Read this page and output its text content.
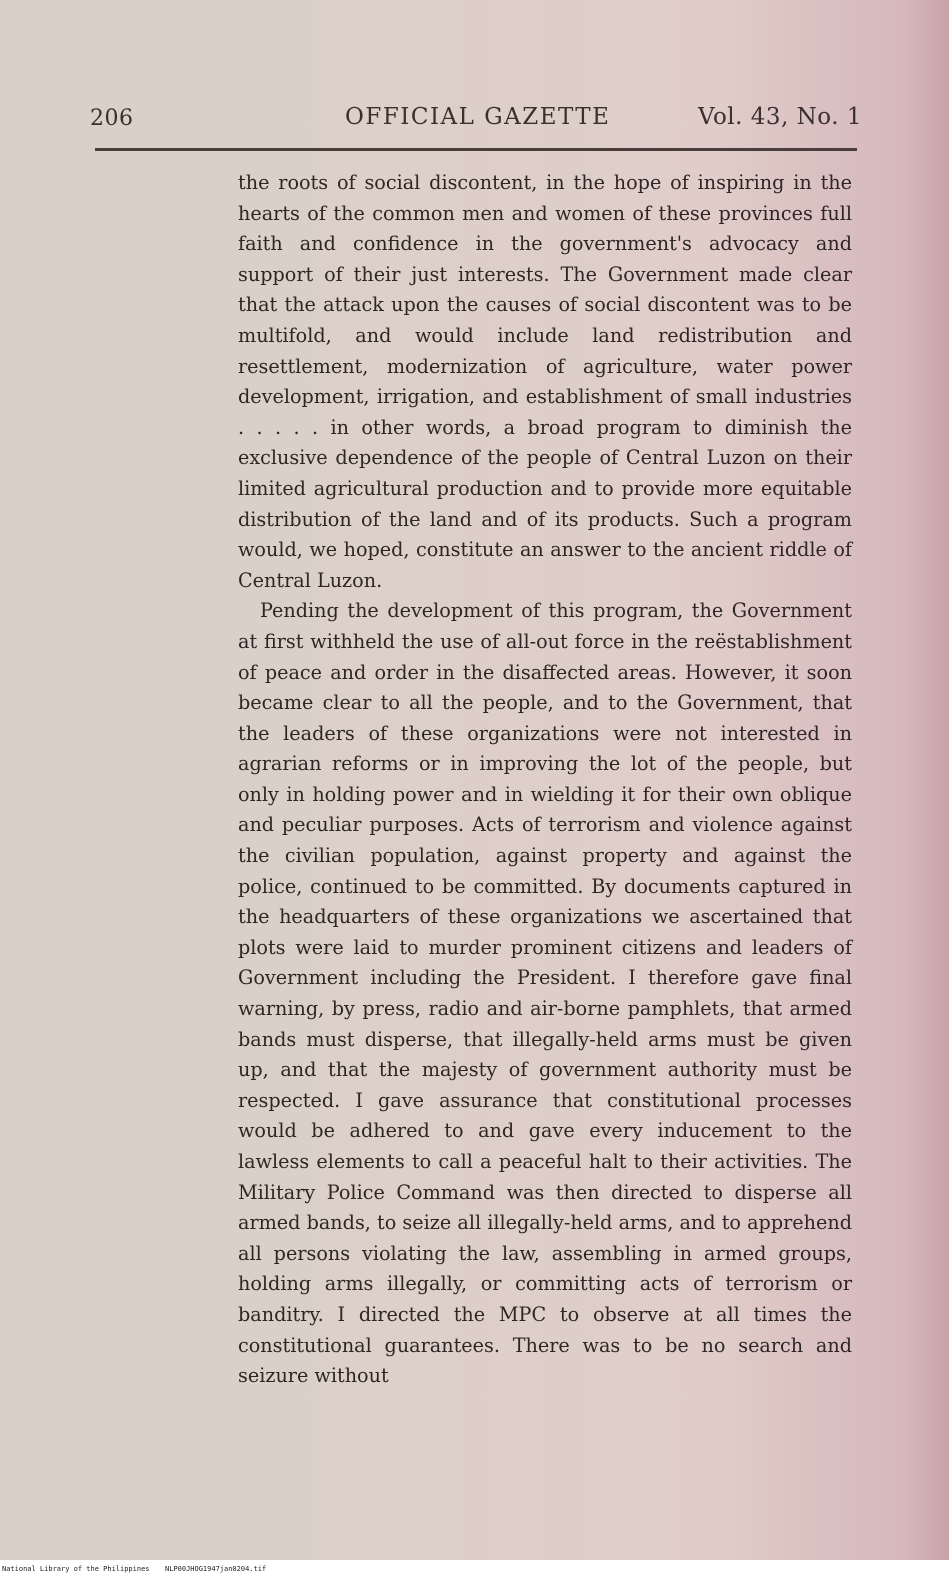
206	OFFICIAL GAZETTE	Vol. 43, No. 1

the roots of social discontent, in the hope of inspiring in the hearts of the common men and women of these provinces full faith and confidence in the government's advocacy and support of their just interests. The Government made clear that the attack upon the causes of social discontent was to be multifold, and would include land redistribution and resettlement, modernization of agriculture, water power development, irrigation, and establishment of small industries . . . . . in other words, a broad program to diminish the exclusive dependence of the people of Central Luzon on their limited agricultural production and to provide more equitable distribution of the land and of its products. Such a program would, we hoped, constitute an answer to the ancient riddle of Central Luzon.

Pending the development of this program, the Government at first withheld the use of all-out force in the reëstablishment of peace and order in the disaffected areas. However, it soon became clear to all the people, and to the Government, that the leaders of these organizations were not interested in agrarian reforms or in improving the lot of the people, but only in holding power and in wielding it for their own oblique and peculiar purposes. Acts of terrorism and violence against the civilian population, against property and against the police, continued to be committed. By documents captured in the headquarters of these organizations we ascertained that plots were laid to murder prominent citizens and leaders of Government including the President. I therefore gave final warning, by press, radio and air-borne pamphlets, that armed bands must disperse, that illegally-held arms must be given up, and that the majesty of government authority must be respected. I gave assurance that constitutional processes would be adhered to and gave every inducement to the lawless elements to call a peaceful halt to their activities. The Military Police Command was then directed to disperse all armed bands, to seize all illegally-held arms, and to apprehend all persons violating the law, assembling in armed groups, holding arms illegally, or committing acts of terrorism or banditry. I directed the MPC to observe at all times the constitutional guarantees. There was to be no search and seizure without

National Library of the Philippines NLP00JHOG1947jan0204.tif
